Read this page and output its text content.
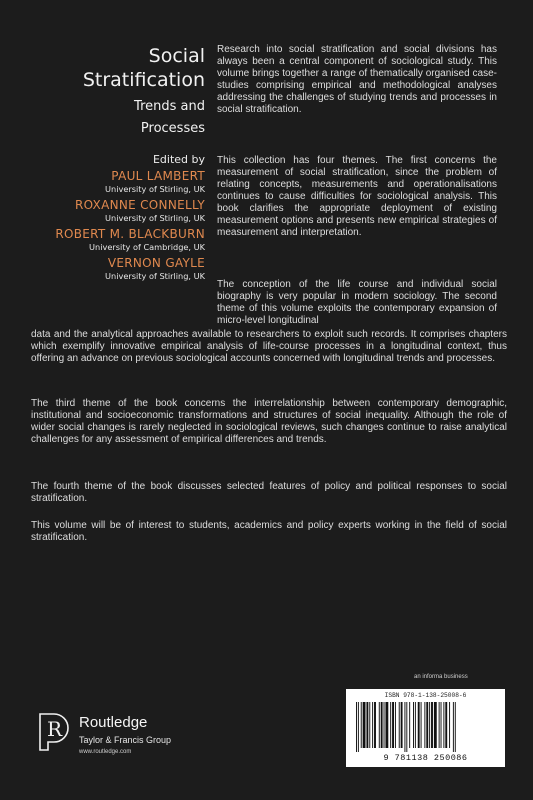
Social
Stratification
Trends and
Processes
Edited by
PAUL LAMBERT
University of Stirling, UK
ROXANNE CONNELLY
University of Stirling, UK
ROBERT M. BLACKBURN
University of Cambridge, UK
VERNON GAYLE
University of Stirling, UK

Research into social stratification and social divisions has always been a central component of sociological study. This volume brings together a range of thematically organised case-studies comprising empirical and methodological analyses addressing the challenges of studying trends and processes in social stratification.

This collection has four themes. The first concerns the measurement of social stratification, since the problem of relating concepts, measurements and operationalisations continues to cause difficulties for sociological analysis. This book clarifies the appropriate deployment of existing measurement options and presents new empirical strategies of measurement and interpretation.

The conception of the life course and individual social biography is very popular in modern sociology. The second theme of this volume exploits the contemporary expansion of micro-level longitudinal

data and the analytical approaches available to researchers to exploit such records. It comprises chapters which exemplify innovative empirical analysis of life-course processes in a longitudinal context, thus offering an advance on previous sociological accounts concerned with longitudinal trends and processes.

The third theme of the book concerns the interrelationship between contemporary demographic, institutional and socioeconomic transformations and structures of social inequality. Although the role of wider social changes is rarely neglected in sociological reviews, such changes continue to raise analytical challenges for any assessment of empirical differences and trends.

The fourth theme of the book discusses selected features of policy and political responses to social stratification.

This volume will be of interest to students, academics and policy experts working in the field of social stratification.

an informa business
ISBN 978-1-138-25008-6
9 781138 250086
R Routledge
Taylor & Francis Group
www.routledge.com
